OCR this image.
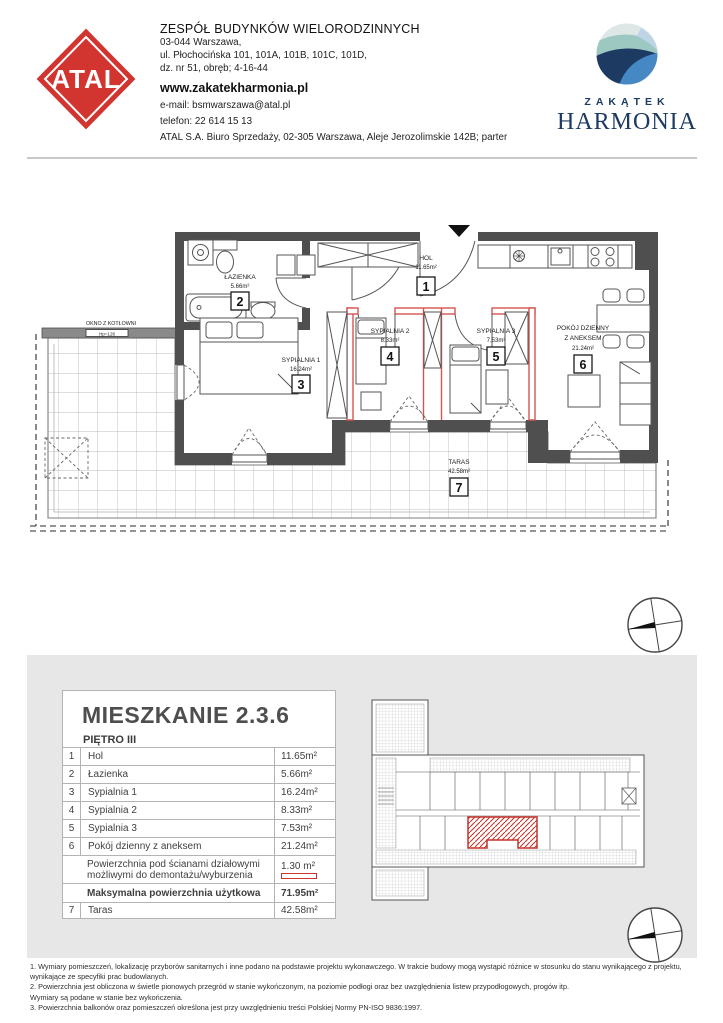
ATAL
ZESPÓŁ BUDYNKÓW WIELORODZINNYCH
03-044 Warszawa,
ul. Płochocińska 101, 101A, 101B, 101C, 101D,
dz. nr 51, obręb; 4-16-44
www.zakatekharmonia.pl
e-mail: bsmwarszawa@atal.pl
telefon: 22 614 15 13
ATAL S.A. Biuro Sprzedaży, 02-305 Warszawa, Aleje Jerozolimskie 142B; parter
ZAKĄTEK
HARMONIA
OKNO Z KOTŁOWNI
Hp=126
HOL
11.65m²
1
ŁAZIENKA
5.66m²
2
SYPIALNIA 1
16.24m²
3
SYPIALNIA 2
8.33m²
4
SYPIALNIA 3
7.53m²
5
POKÓJ DZIENNY
Z ANEKSEM
21.24m²
6
TARAS
42.58m²
7
MIESZKANIE 2.3.6
PIĘTRO III
1	Hol	11.65m²
2	Łazienka	5.66m²
3	Sypialnia 1	16.24m²
4	Sypialnia 2	8.33m²
5	Sypialnia 3	7.53m²
6	Pokój dzienny z aneksem	21.24m²
Powierzchnia pod ścianami działowymi
możliwymi do demontażu/wyburzenia
1.30 m²
Maksymalna powierzchnia użytkowa	71.95m²
7	Taras	42.58m²
1. Wymiary pomieszczeń, lokalizację przyborów sanitarnych i inne podano na podstawie projektu wykonawczego. W trakcie budowy mogą wystąpić różnice w stosunku do stanu wynikającego z projektu,
wynikające ze specyfiki prac budowlanych.
2. Powierzchnia jest obliczona w świetle pionowych przegród w stanie wykończonym, na poziomie podłogi oraz bez uwzględnienia listew przypodłogowych, progów itp.
Wymiary są podane w stanie bez wykończenia.
3. Powierzchnia balkonów oraz pomieszczeń określona jest przy uwzględnieniu treści Polskiej Normy PN-ISO 9836:1997.
